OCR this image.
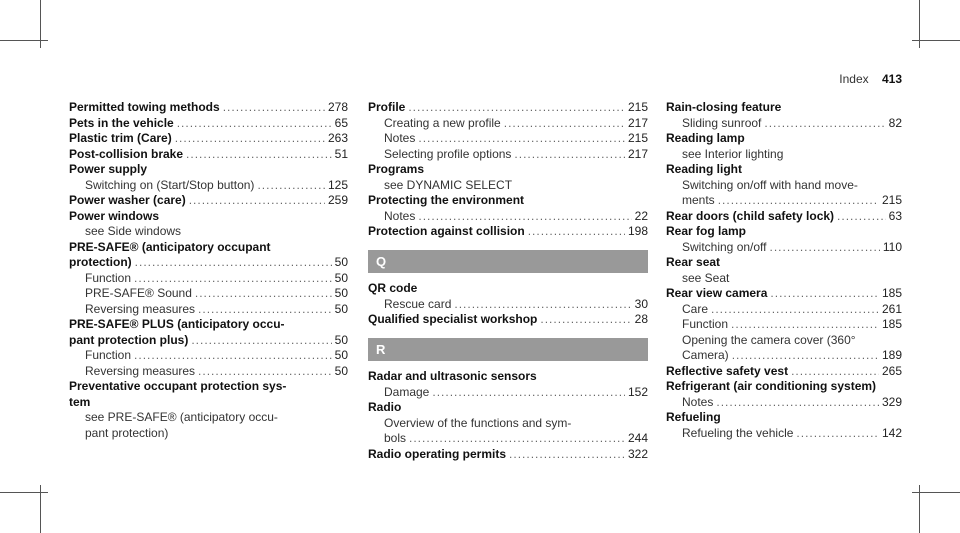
Index 413
Permitted towing methods .....	278
Pets in the vehicle .....	65
Plastic trim (Care) .....	263
Post-collision brake .....	51
Power supply
Switching on (Start/Stop button) .....	125
Power washer (care) .....	259
Power windows
see Side windows
PRE-SAFE® (anticipatory occupant
protection) .....	50
Function .....	50
PRE-SAFE® Sound .....	50
Reversing measures .....	50
PRE-SAFE® PLUS (anticipatory occu-
pant protection plus) .....	50
Function .....	50
Reversing measures .....	50
Preventative occupant protection sys-
tem
see PRE-SAFE® (anticipatory occu-
pant protection)
Profile .....	215
Creating a new profile .....	217
Notes .....	215
Selecting profile options .....	217
Programs
see DYNAMIC SELECT
Protecting the environment
Notes .....	22
Protection against collision .....	198
Q
QR code
Rescue card .....	30
Qualified specialist workshop .....	28
R
Radar and ultrasonic sensors
Damage .....	152
Radio
Overview of the functions and sym-
bols .....	244
Radio operating permits .....	322
Rain-closing feature
Sliding sunroof .....	82
Reading lamp
see Interior lighting
Reading light
Switching on/off with hand move-
ments .....	215
Rear doors (child safety lock) .....	63
Rear fog lamp
Switching on/off .....	110
Rear seat
see Seat
Rear view camera .....	185
Care .....	261
Function .....	185
Opening the camera cover (360°
Camera) .....	189
Reflective safety vest .....	265
Refrigerant (air conditioning system)
Notes .....	329
Refueling
Refueling the vehicle .....	142
